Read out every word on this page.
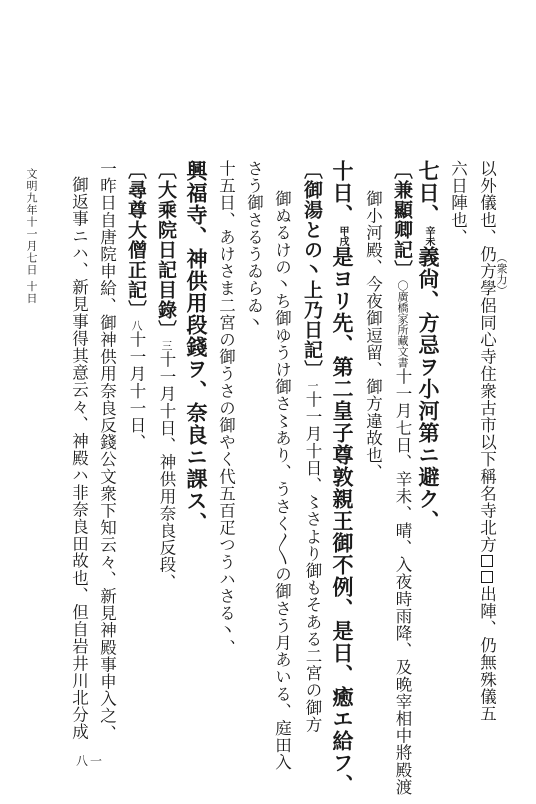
文明九年十一月七日 十日
八一
以外儀也、仍方學侶同心寺住衆古市以下稱名寺北方出陣、仍無殊儀五
（衆力）
六日陣也、
七日、辛未義尙、方忌ヲ小河第ニ避ク、
〔兼顯卿記〕〇廣橋家所藏文書十一月七日、辛未、晴、入夜時雨降、及晩宰相中將殿渡
御小河殿、今夜御逗留、御方違故也、
十日、甲戌是ヨリ先、第二皇子尊敦親王御不例、是日、癒エ給フ、
〔御湯との丶上乃日記〕一十一月十日、〻さより御もそある二宮の御方
御ぬるけの丶ち御ゆうけ御さ〻あり、うさく〳〵の御さう月あいる、庭田入
さう御さるうゐらゐ丶
十五日、あけさま二宮の御うさの御やく代五百疋つうハさる丶、
興福寺、神供用段錢ヲ、奈良ニ課ス、
〔大乘院日記目錄〕三十一月十日、神供用奈良反段、
〔尋尊大僧正記〕八十一月十一日、
一昨日自唐院申給、御神供用奈良反錢公文衆下知云々、新見神殿事申入之、
御返事ニハ、新見事得其意云々、神殿ハ非奈良田故也、但自岩井川北分成
